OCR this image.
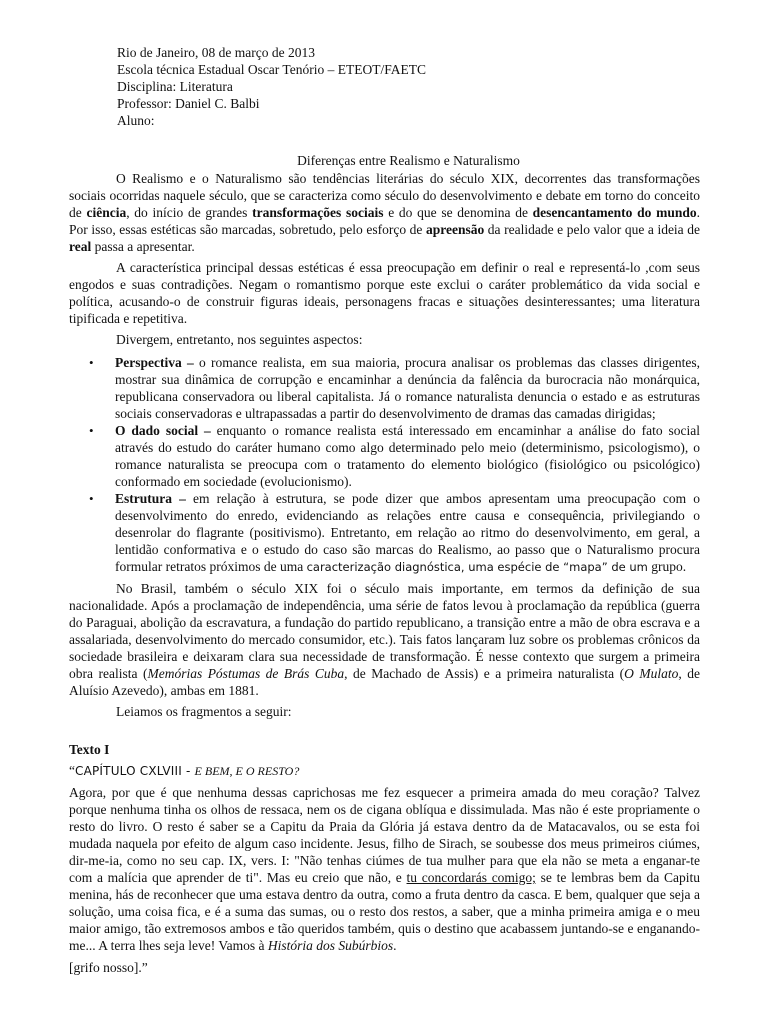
Rio de Janeiro, 08 de março de 2013
Escola técnica Estadual Oscar Tenório – ETEOT/FAETC
Disciplina: Literatura
Professor: Daniel C. Balbi
Aluno:

Diferenças entre Realismo e Naturalismo

O Realismo e o Naturalismo são tendências literárias do século XIX, decorrentes das transformações sociais ocorridas naquele século, que se caracteriza como século do desenvolvimento e debate em torno do conceito de ciência, do início de grandes transformações sociais e do que se denomina de desencantamento do mundo. Por isso, essas estéticas são marcadas, sobretudo, pelo esforço de apreensão da realidade e pelo valor que a ideia de real passa a apresentar.

A característica principal dessas estéticas é essa preocupação em definir o real e representá-lo ,com seus engodos e suas contradições. Negam o romantismo porque este exclui o caráter problemático da vida social e política, acusando-o de construir figuras ideais, personagens fracas e situações desinteressantes; uma literatura tipificada e repetitiva.

Divergem, entretanto, nos seguintes aspectos:

• Perspectiva – o romance realista, em sua maioria, procura analisar os problemas das classes dirigentes, mostrar sua dinâmica de corrupção e encaminhar a denúncia da falência da burocracia não monárquica, republicana conservadora ou liberal capitalista. Já o romance naturalista denuncia o estado e as estruturas sociais conservadoras e ultrapassadas a partir do desenvolvimento de dramas das camadas dirigidas;
• O dado social – enquanto o romance realista está interessado em encaminhar a análise do fato social através do estudo do caráter humano como algo determinado pelo meio (determinismo, psicologismo), o romance naturalista se preocupa com o tratamento do elemento biológico (fisiológico ou psicológico) conformado em sociedade (evolucionismo).
• Estrutura – em relação à estrutura, se pode dizer que ambos apresentam uma preocupação com o desenvolvimento do enredo, evidenciando as relações entre causa e consequência, privilegiando o desenrolar do flagrante (positivismo). Entretanto, em relação ao ritmo do desenvolvimento, em geral, a lentidão conformativa e o estudo do caso são marcas do Realismo, ao passo que o Naturalismo procura formular retratos próximos de uma caracterização diagnóstica, uma espécie de “mapa” de um grupo.

No Brasil, também o século XIX foi o século mais importante, em termos da definição de sua nacionalidade. Após a proclamação de independência, uma série de fatos levou à proclamação da república (guerra do Paraguai, abolição da escravatura, a fundação do partido republicano, a transição entre a mão de obra escrava e a assalariada, desenvolvimento do mercado consumidor, etc.). Tais fatos lançaram luz sobre os problemas crônicos da sociedade brasileira e deixaram clara sua necessidade de transformação. É nesse contexto que surgem a primeira obra realista (Memórias Póstumas de Brás Cuba, de Machado de Assis) e a primeira naturalista (O Mulato, de Aluísio Azevedo), ambas em 1881.

Leiamos os fragmentos a seguir:

Texto I

“CAPÍTULO CXLVIII - E BEM, E O RESTO?

Agora, por que é que nenhuma dessas caprichosas me fez esquecer a primeira amada do meu coração? Talvez porque nenhuma tinha os olhos de ressaca, nem os de cigana oblíqua e dissimulada. Mas não é este propriamente o resto do livro. O resto é saber se a Capitu da Praia da Glória já estava dentro da de Matacavalos, ou se esta foi mudada naquela por efeito de algum caso incidente. Jesus, filho de Sirach, se soubesse dos meus primeiros ciúmes, dir-me-ia, como no seu cap. IX, vers. I: "Não tenhas ciúmes de tua mulher para que ela não se meta a enganar-te com a malícia que aprender de ti". Mas eu creio que não, e tu concordarás comigo; se te lembras bem da Capitu menina, hás de reconhecer que uma estava dentro da outra, como a fruta dentro da casca. E bem, qualquer que seja a solução, uma coisa fica, e é a suma das sumas, ou o resto dos restos, a saber, que a minha primeira amiga e o meu maior amigo, tão extremosos ambos e tão queridos também, quis o destino que acabassem juntando-se e enganando-me... A terra lhes seja leve! Vamos à História dos Subúrbios.

[grifo nosso].”
